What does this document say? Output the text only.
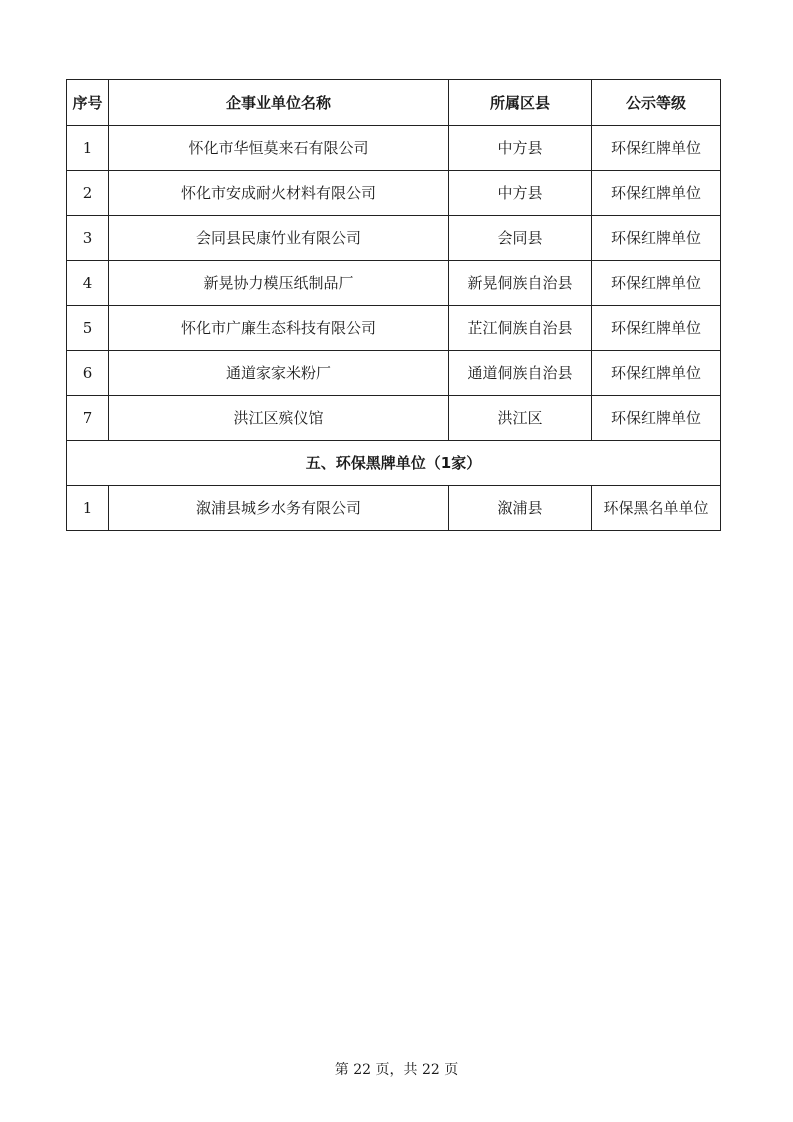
序号	企事业单位名称	所属区县	公示等级
1	怀化市华恒莫来石有限公司	中方县	环保红牌单位
2	怀化市安成耐火材料有限公司	中方县	环保红牌单位
3	会同县民康竹业有限公司	会同县	环保红牌单位
4	新晃协力模压纸制品厂	新晃侗族自治县	环保红牌单位
5	怀化市广廉生态科技有限公司	芷江侗族自治县	环保红牌单位
6	通道家家米粉厂	通道侗族自治县	环保红牌单位
7	洪江区殡仪馆	洪江区	环保红牌单位
五、环保黑牌单位（1家）			
1	溆浦县城乡水务有限公司	溆浦县	环保黑名单单位
第 22 页，共 22 页
